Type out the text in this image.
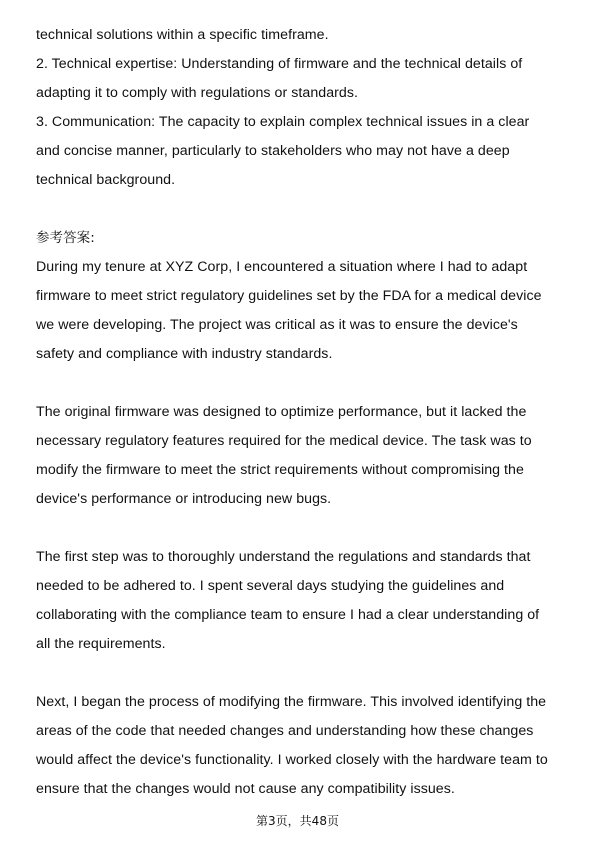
technical solutions within a specific timeframe.
2. Technical expertise: Understanding of firmware and the technical details of
adapting it to comply with regulations or standards.
3. Communication: The capacity to explain complex technical issues in a clear
and concise manner, particularly to stakeholders who may not have a deep
technical background.
参考答案:
During my tenure at XYZ Corp, I encountered a situation where I had to adapt
firmware to meet strict regulatory guidelines set by the FDA for a medical device
we were developing. The project was critical as it was to ensure the device's
safety and compliance with industry standards.
The original firmware was designed to optimize performance, but it lacked the
necessary regulatory features required for the medical device. The task was to
modify the firmware to meet the strict requirements without compromising the
device's performance or introducing new bugs.
The first step was to thoroughly understand the regulations and standards that
needed to be adhered to. I spent several days studying the guidelines and
collaborating with the compliance team to ensure I had a clear understanding of
all the requirements.
Next, I began the process of modifying the firmware. This involved identifying the
areas of the code that needed changes and understanding how these changes
would affect the device's functionality. I worked closely with the hardware team to
ensure that the changes would not cause any compatibility issues.
第3页，共48页
